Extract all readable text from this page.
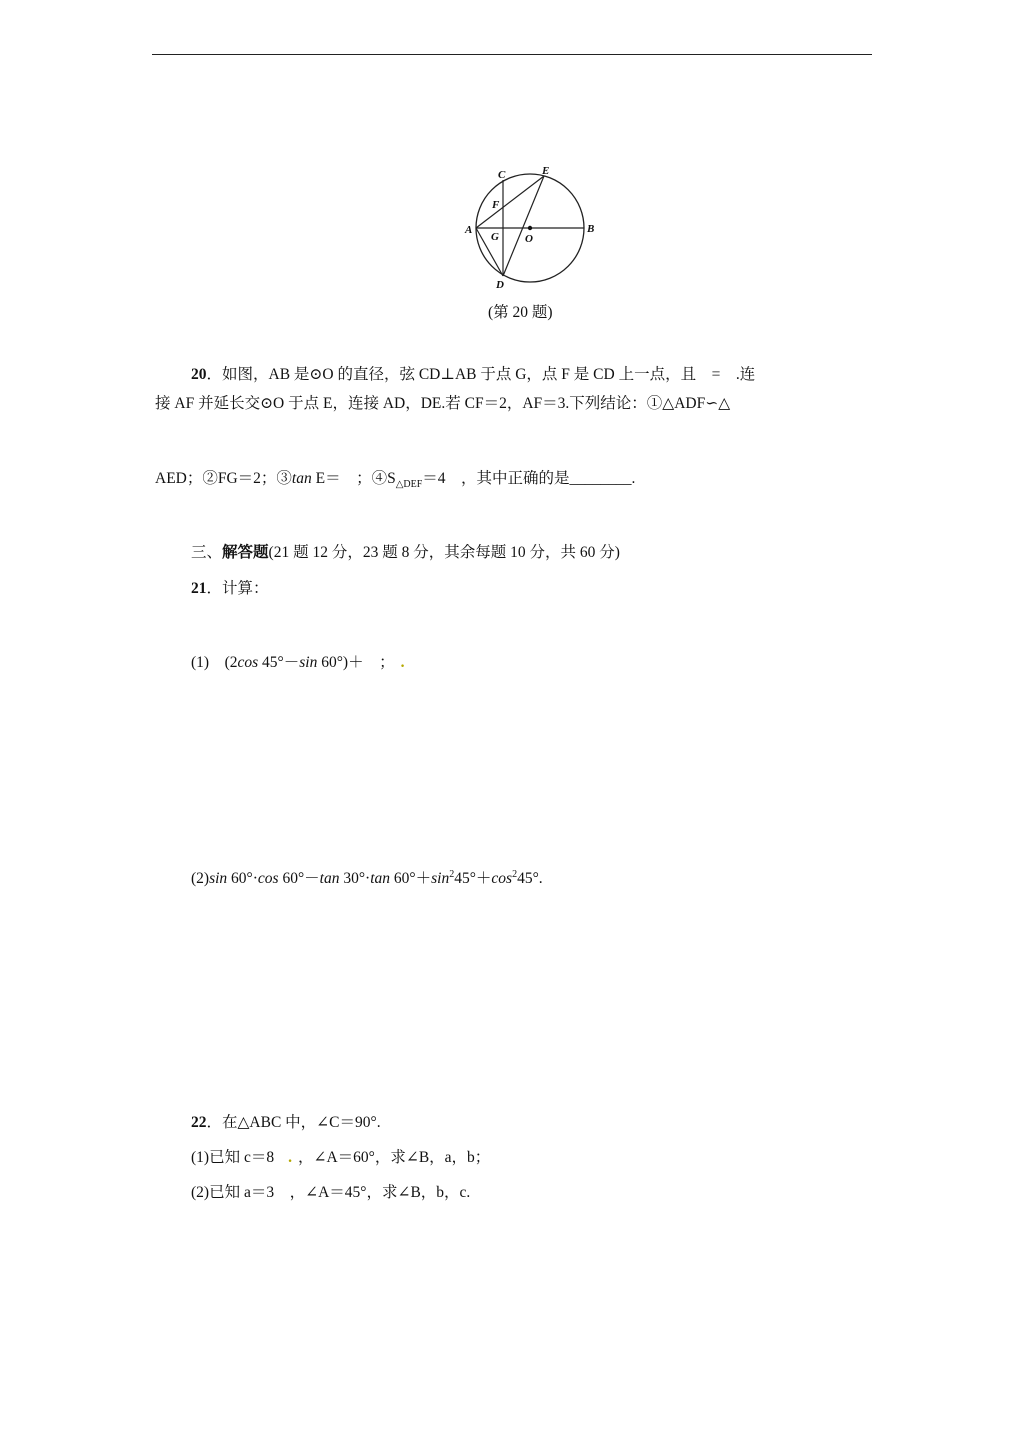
C	E
F
A
G O
B
D
(第 20 题)
20．如图，AB 是⊙O 的直径，弦 CD⊥AB 于点 G，点 F 是 CD 上一点，且　=　.连
接 AF 并延长交⊙O 于点 E，连接 AD，DE.若 CF＝2，AF＝3.下列结论：①△ADF∽△
AED；②FG＝2；③tan E＝　；$④S_{\triangle DEF}=4$　，其中正确的是________.
三、解答题(21 题 12 分，23 题 8 分，其余每题 10 分，共 60 分)
21．计算：
(1)　(2cos 45°－sin 60°)＋　； .
(2)sin 60°·cos 60°－tan 30°·tan $60^\circ+\sin^245^\circ+\cos^245^\circ$.
22．在△ABC 中，∠C＝90°.
(1)已知 c＝8 . ，∠A＝60°，求∠B，a，b；
(2)已知 a＝3　，∠A＝45°，求∠B，b，c.
